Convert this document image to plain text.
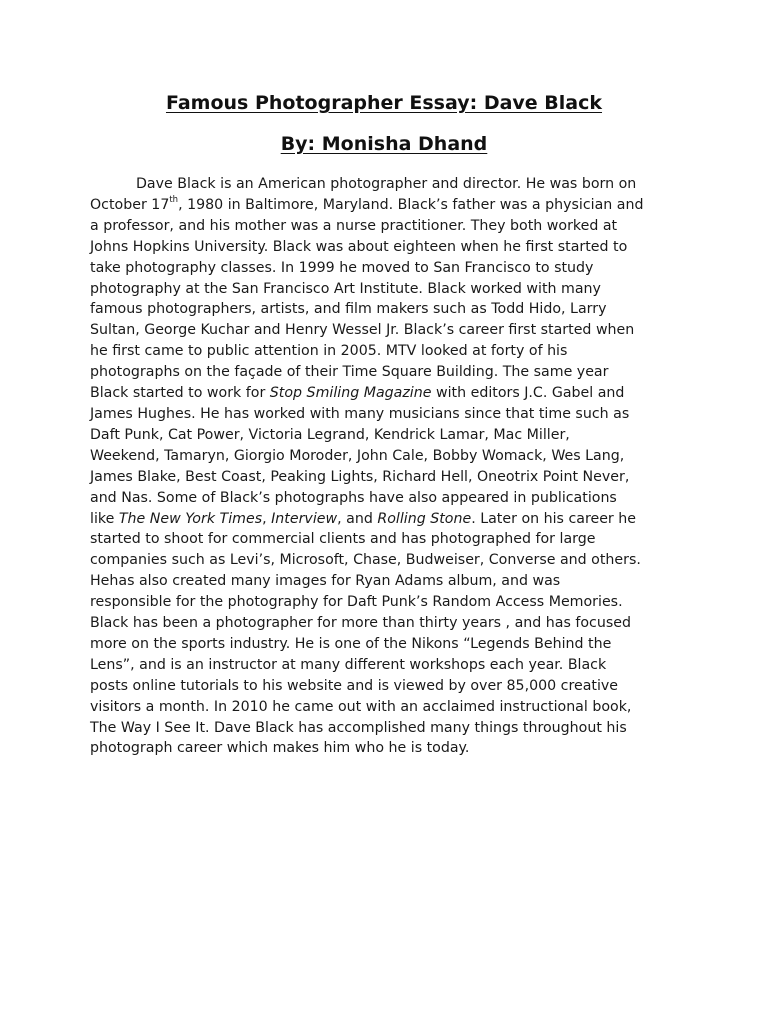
Famous Photographer Essay: Dave Black
By: Monisha Dhand
Dave Black is an American photographer and director. He was born on
October 17th, 1980 in Baltimore, Maryland. Black’s father was a physician and
a professor, and his mother was a nurse practitioner. They both worked at
Johns Hopkins University. Black was about eighteen when he first started to
take photography classes. In 1999 he moved to San Francisco to study
photography at the San Francisco Art Institute. Black worked with many
famous photographers, artists, and film makers such as Todd Hido, Larry
Sultan, George Kuchar and Henry Wessel Jr. Black’s career first started when
he first came to public attention in 2005. MTV looked at forty of his
photographs on the façade of their Time Square Building. The same year
Black started to work for Stop Smiling Magazine with editors J.C. Gabel and
James Hughes. He has worked with many musicians since that time such as
Daft Punk, Cat Power, Victoria Legrand, Kendrick Lamar, Mac Miller,
Weekend, Tamaryn, Giorgio Moroder, John Cale, Bobby Womack, Wes Lang,
James Blake, Best Coast, Peaking Lights, Richard Hell, Oneotrix Point Never,
and Nas. Some of Black’s photographs have also appeared in publications
like The New York Times, Interview, and Rolling Stone. Later on his career he
started to shoot for commercial clients and has photographed for large
companies such as Levi’s, Microsoft, Chase, Budweiser, Converse and others.
Hehas also created many images for Ryan Adams album, and was
responsible for the photography for Daft Punk’s Random Access Memories.
Black has been a photographer for more than thirty years , and has focused
more on the sports industry. He is one of the Nikons “Legends Behind the
Lens”, and is an instructor at many different workshops each year. Black
posts online tutorials to his website and is viewed by over 85,000 creative
visitors a month. In 2010 he came out with an acclaimed instructional book,
The Way I See It. Dave Black has accomplished many things throughout his
photograph career which makes him who he is today.
